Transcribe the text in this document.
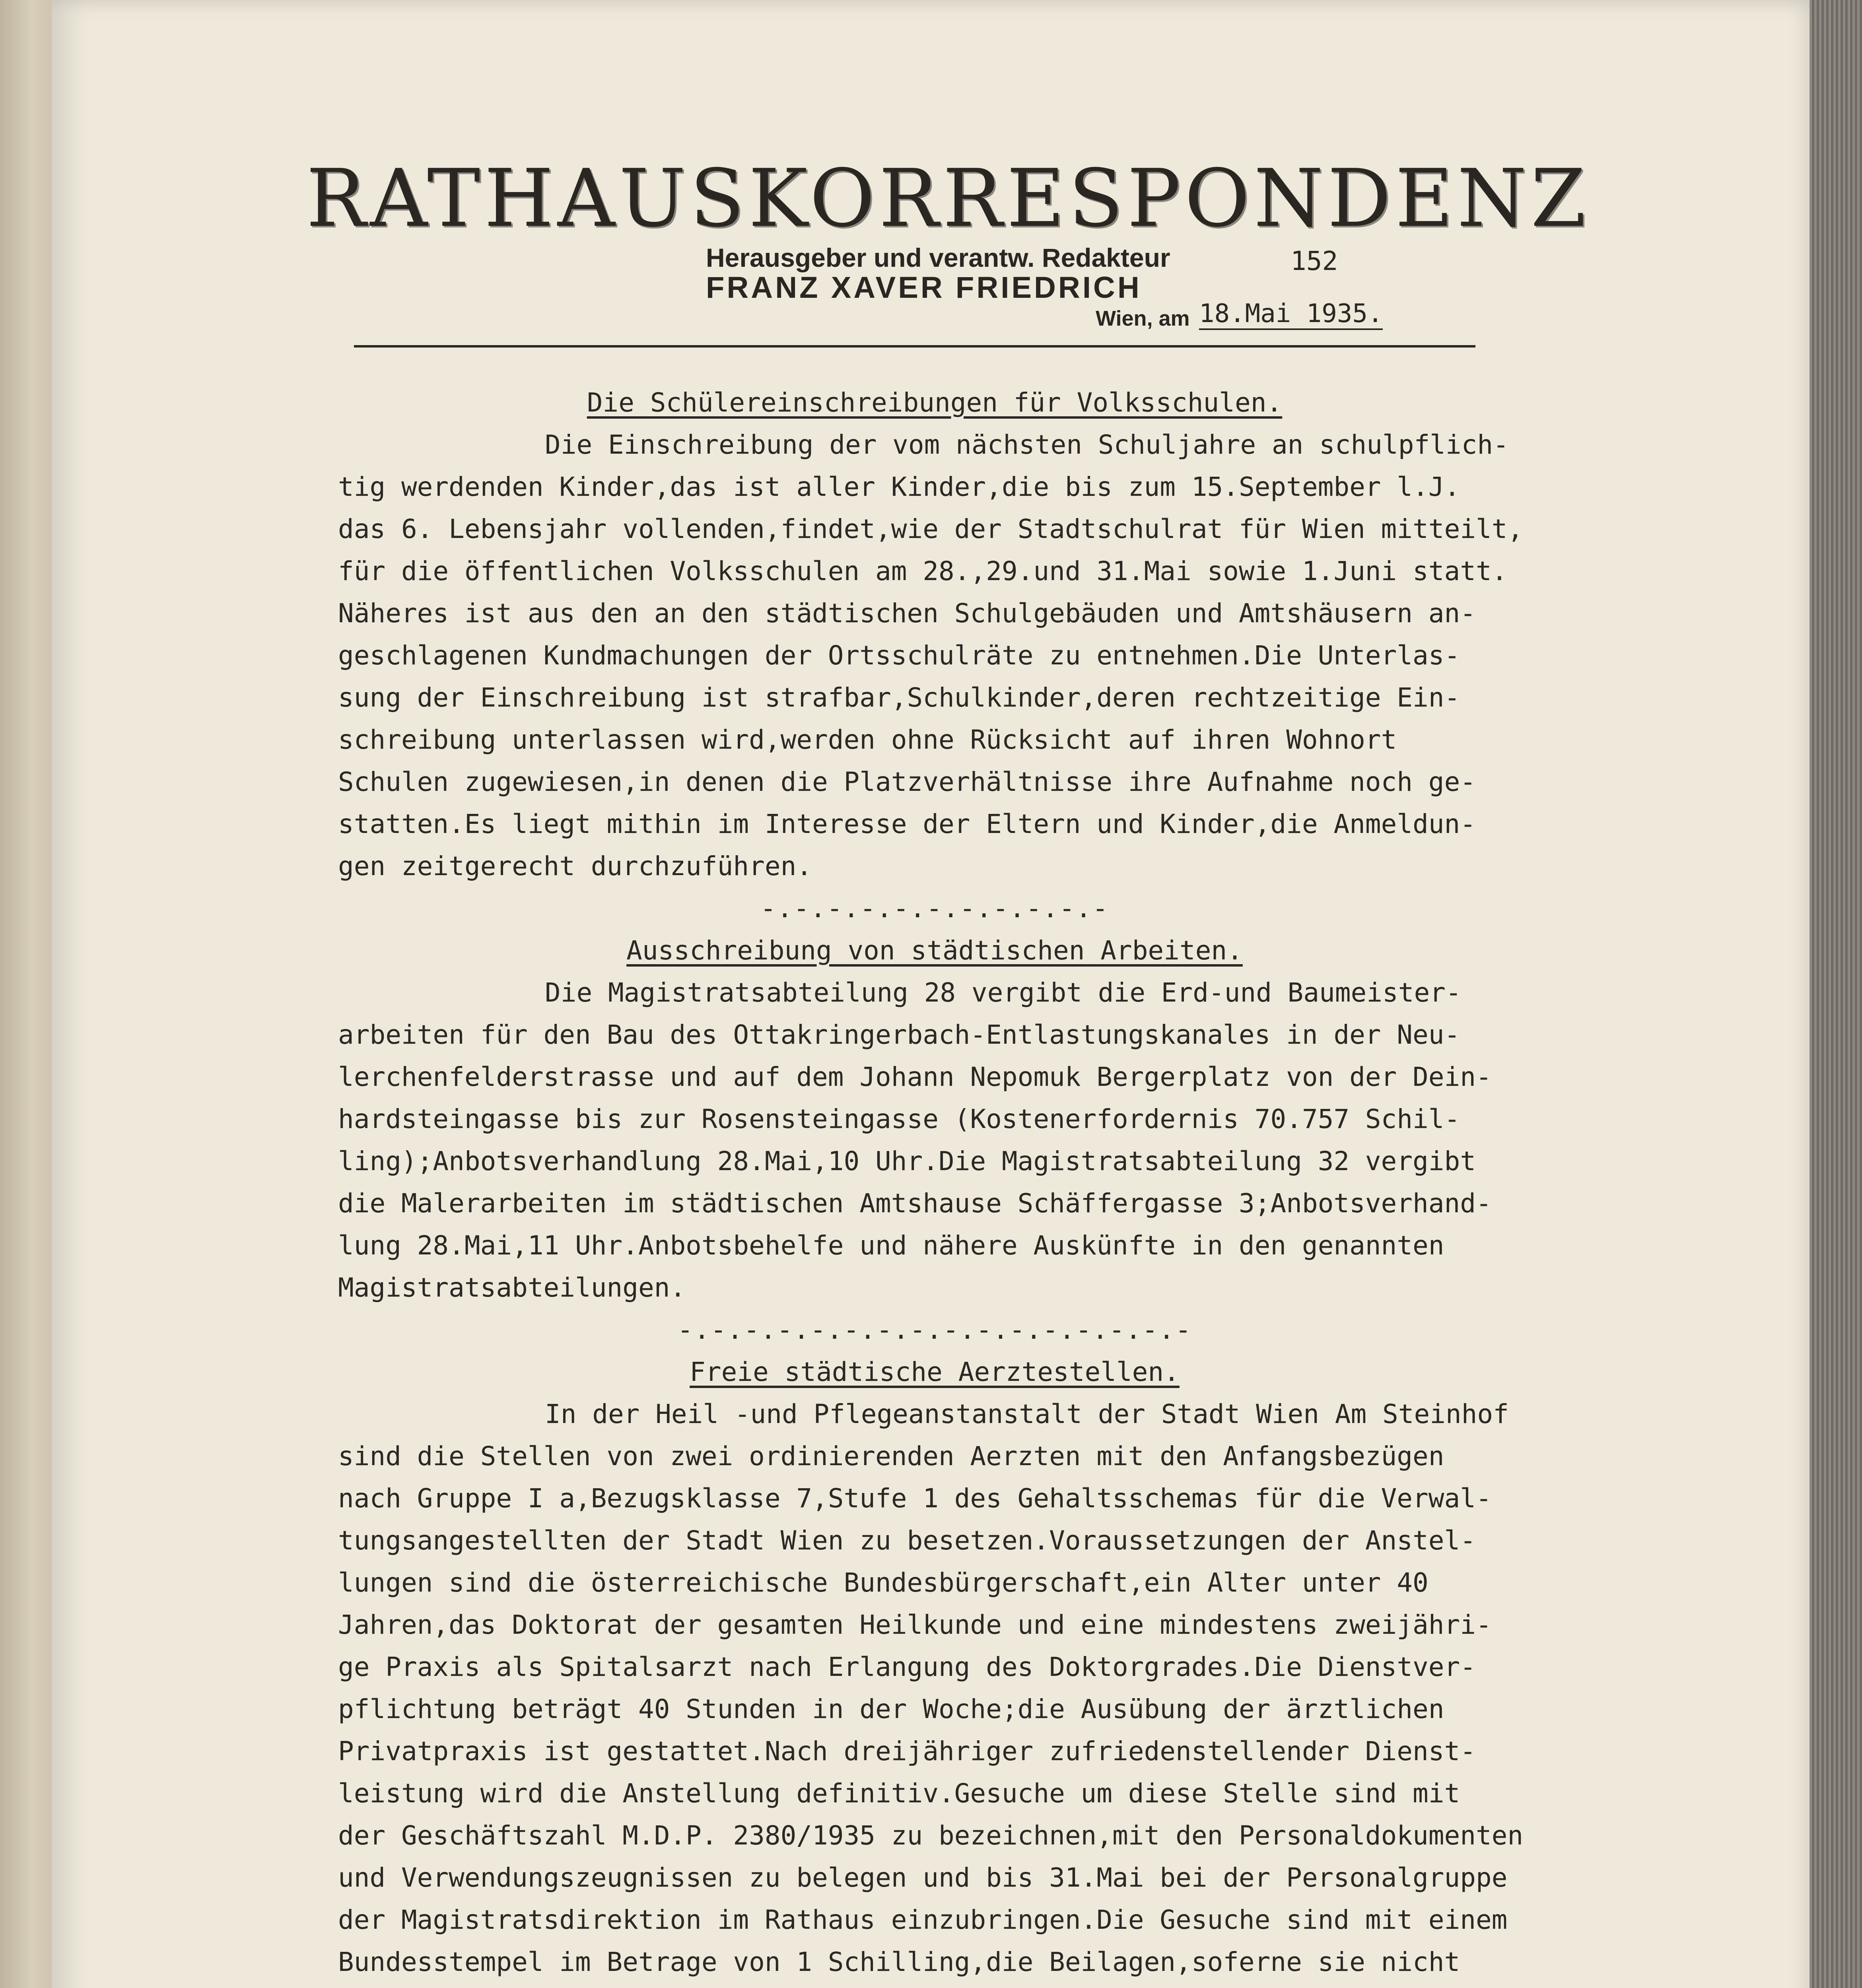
RATHAUSKORRESPONDENZ
Herausgeber und verantw. Redakteur
FRANZ XAVER FRIEDRICH
152
Wien, am 18.Mai 1935.
Die Schülereinschreibungen für Volksschulen.
Die Einschreibung der vom nächsten Schuljahre an schulpflich-
tig werdenden Kinder,das ist aller Kinder,die bis zum 15.September l.J.
das 6. Lebensjahr vollenden,findet,wie der Stadtschulrat für Wien mitteilt,
für die öffentlichen Volksschulen am 28.,29.und 31.Mai sowie 1.Juni statt.
Näheres ist aus den an den städtischen Schulgebäuden und Amtshäusern an-
geschlagenen Kundmachungen der Ortsschulräte zu entnehmen.Die Unterlas-
sung der Einschreibung ist strafbar,Schulkinder,deren rechtzeitige Ein-
schreibung unterlassen wird,werden ohne Rücksicht auf ihren Wohnort
Schulen zugewiesen,in denen die Platzverhältnisse ihre Aufnahme noch ge-
statten.Es liegt mithin im Interesse der Eltern und Kinder,die Anmeldun-
gen zeitgerecht durchzuführen.
-.-.-.-.-.-.-.-.-.-.-
Ausschreibung von städtischen Arbeiten.
Die Magistratsabteilung 28 vergibt die Erd-und Baumeister-
arbeiten für den Bau des Ottakringerbach-Entlastungskanales in der Neu-
lerchenfelderstrasse und auf dem Johann Nepomuk Bergerplatz von der Dein-
hardsteingasse bis zur Rosensteingasse (Kostenerfordernis 70.757 Schil-
ling);Anbotsverhandlung 28.Mai,10 Uhr.Die Magistratsabteilung 32 vergibt
die Malerarbeiten im städtischen Amtshause Schäffergasse 3;Anbotsverhand-
lung 28.Mai,11 Uhr.Anbotsbehelfe und nähere Auskünfte in den genannten
Magistratsabteilungen.
-.-.-.-.-.-.-.-.-.-.-.-.-.-.-.-
Freie städtische Aerztestellen.
In der Heil -und Pflegeanstanstalt der Stadt Wien Am Steinhof
sind die Stellen von zwei ordinierenden Aerzten mit den Anfangsbezügen
nach Gruppe I a,Bezugsklasse 7,Stufe 1 des Gehaltsschemas für die Verwal-
tungsangestellten der Stadt Wien zu besetzen.Voraussetzungen der Anstel-
lungen sind die österreichische Bundesbürgerschaft,ein Alter unter 40
Jahren,das Doktorat der gesamten Heilkunde und eine mindestens zweijähri-
ge Praxis als Spitalsarzt nach Erlangung des Doktorgrades.Die Dienstver-
pflichtung beträgt 40 Stunden in der Woche;die Ausübung der ärztlichen
Privatpraxis ist gestattet.Nach dreijähriger zufriedenstellender Dienst-
leistung wird die Anstellung definitiv.Gesuche um diese Stelle sind mit
der Geschäftszahl M.D.P. 2380/1935 zu bezeichnen,mit den Personaldokumenten
und Verwendungszeugnissen zu belegen und bis 31.Mai bei der Personalgruppe
der Magistratsdirektion im Rathaus einzubringen.Die Gesuche sind mit einem
Bundesstempel im Betrage von 1 Schilling,die Beilagen,soferne sie nicht
